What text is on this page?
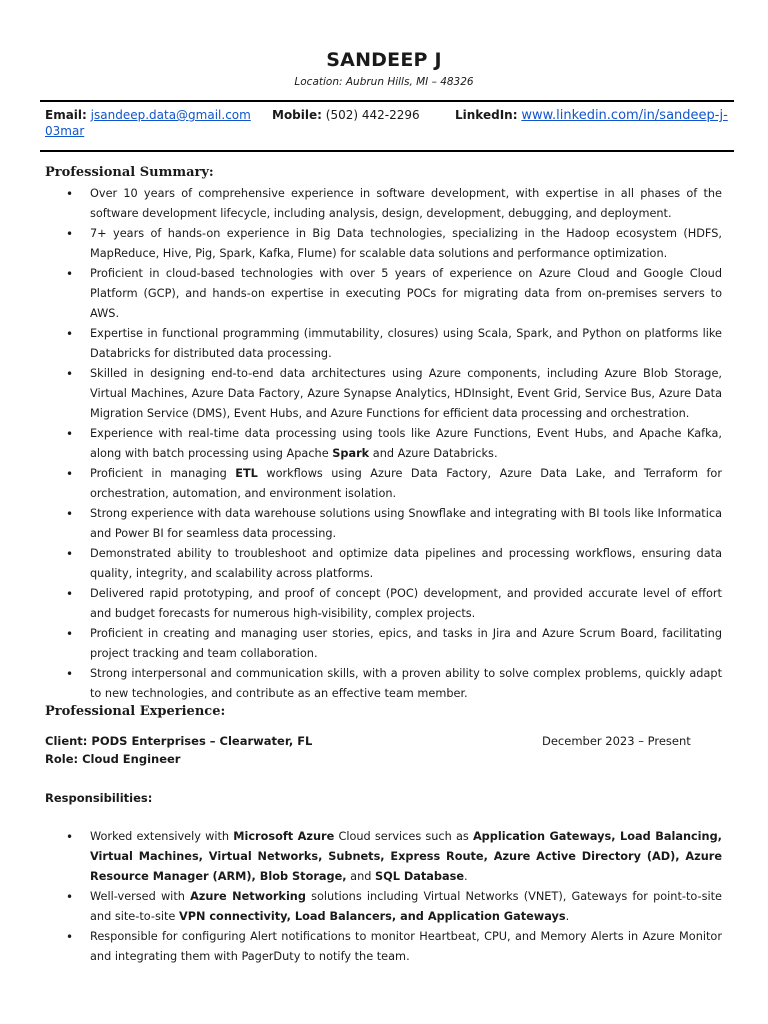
SANDEEP J
Location: Aubrun Hills, MI – 48326
Email: jsandeep.data@gmail.com Mobile: (502) 442-2296	LinkedIn: www.linkedin.com/in/sandeep-j-
03mar
Professional Summary:
• Over 10 years of comprehensive experience in software development, with expertise in all phases of the software development lifecycle, including analysis, design, development, debugging, and deployment.
• 7+ years of hands-on experience in Big Data technologies, specializing in the Hadoop ecosystem (HDFS, MapReduce, Hive, Pig, Spark, Kafka, Flume) for scalable data solutions and performance optimization.
• Proficient in cloud-based technologies with over 5 years of experience on Azure Cloud and Google Cloud Platform (GCP), and hands-on expertise in executing POCs for migrating data from on-premises servers to AWS.
• Expertise in functional programming (immutability, closures) using Scala, Spark, and Python on platforms like Databricks for distributed data processing.
• Skilled in designing end-to-end data architectures using Azure components, including Azure Blob Storage, Virtual Machines, Azure Data Factory, Azure Synapse Analytics, HDInsight, Event Grid, Service Bus, Azure Data Migration Service (DMS), Event Hubs, and Azure Functions for efficient data processing and orchestration.
• Experience with real-time data processing using tools like Azure Functions, Event Hubs, and Apache Kafka, along with batch processing using Apache Spark and Azure Databricks.
• Proficient in managing ETL workflows using Azure Data Factory, Azure Data Lake, and Terraform for orchestration, automation, and environment isolation.
• Strong experience with data warehouse solutions using Snowflake and integrating with BI tools like Informatica and Power BI for seamless data processing.
• Demonstrated ability to troubleshoot and optimize data pipelines and processing workflows, ensuring data quality, integrity, and scalability across platforms.
• Delivered rapid prototyping, and proof of concept (POC) development, and provided accurate level of effort and budget forecasts for numerous high-visibility, complex projects.
• Proficient in creating and managing user stories, epics, and tasks in Jira and Azure Scrum Board, facilitating project tracking and team collaboration.
• Strong interpersonal and communication skills, with a proven ability to solve complex problems, quickly adapt to new technologies, and contribute as an effective team member.
Professional Experience:
Client: PODS Enterprises – Clearwater, FL	December 2023 – Present
Role: Cloud Engineer
Responsibilities:
• Worked extensively with Microsoft Azure Cloud services such as Application Gateways, Load Balancing, Virtual Machines, Virtual Networks, Subnets, Express Route, Azure Active Directory (AD), Azure Resource Manager (ARM), Blob Storage, and SQL Database.
• Well-versed with Azure Networking solutions including Virtual Networks (VNET), Gateways for point-to-site and site-to-site VPN connectivity, Load Balancers, and Application Gateways.
• Responsible for configuring Alert notifications to monitor Heartbeat, CPU, and Memory Alerts in Azure Monitor and integrating them with PagerDuty to notify the team.
